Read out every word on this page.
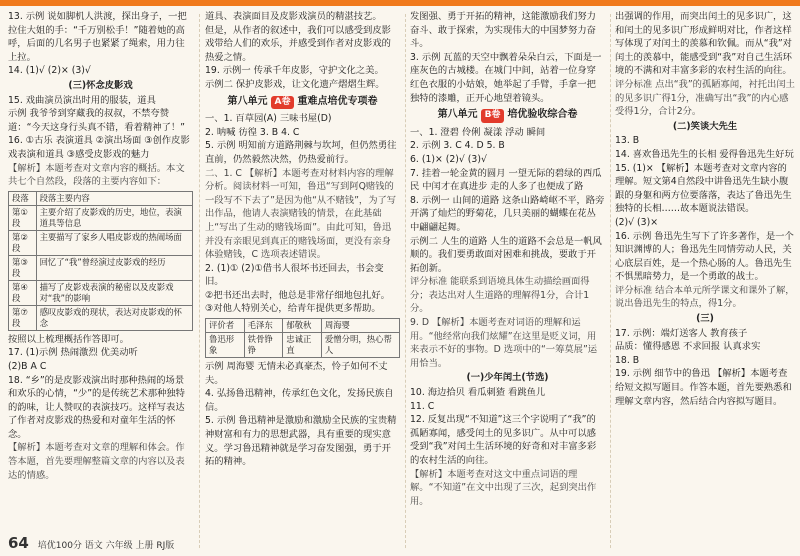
13. 示例 说如脚机人洪渡，探出身子，一把拉住大姐的手：“千万别松手！”随着她的高呼，后面的几名男子也紧紧了绳索，用力往上拉。

14. (1)√ (2)× (3)√

(三)怀念皮影戏

15. 戏曲演员演出时用的服装，道具

示例 我爷爷到穿藏我的叔叔，不禁夸赞道：“今天这身行头真不错，看着精神了！”

16. ①古乐 表演道具 ②演出场面 ③创作皮影戏表演和道具 ③感受皮影戏的魅力

【解析】本题考查对文章内容的概括。本文共七个自然段，段落的主要内容如下：

段落	段落主要内容
第①段	主要介绍了皮影戏的历史，地位，表演道具等信息
第②段	主要描写了家乡人唱皮影戏的热闹场面
第③段	回忆了“我”曾经演过皮影戏的经历
第④段	描写了皮影戏表演的秘密以及皮影戏对“我”的影响
第⑦段	感叹皮影戏的现状，表达对皮影戏的怀念

按照以上梳理概括作答即可。

17. (1)示例 热闹激烈 优美动听

(2)B A C

18. “乡”的是皮影戏演出时那种热闹的场景和欢乐的心情，“少”的是传统艺术那种独特的韵味，让人赞叹的表演技巧。这样写表达了作者对皮影戏的热爱和对童年生活的怀念。

【解析】本题考查对文章的理解和体会。作答本题，首先要理解整篇文章的内容以及表达的情感。

道具、表演面目及皮影戏演员的精湛技艺。

但是，从作者的叙述中，我们可以感受到皮影戏带给人们的欢乐，并感受到作者对皮影戏的热爱之情。

19. 示例一 传承千年皮影，守护文化之美。

示例二 保护皮影戏，让文化遗产熠熠生辉。

第八单元 A卷 重难点培优专项卷

一、1. 百草园(A) 三味书屋(D)

2. 呐喊 彷徨 3. B 4. C

5. 示例 明知前方道路荆棘与坎坷，但仍然勇往直前，仍然毅然决然，仍热爱前行。

二、1. C 【解析】本题考查对材料内容的理解分析。阅读材料一可知，鲁迅“写到阿Q赌钱的一段写不下去了”是因为他“从不赌钱”，为了写出作品，他请人表演赌钱的情景，在此基础上“写出了生动的赌钱场面”。由此可知，鲁迅并没有亲眼见到真正的赌钱场面，更没有亲身体验赌钱，C 选项表述错误。

2. (1)① (2)①借书人很坏书还回去，书会变旧。

②把书还出去时，他总是非常仔细地包扎好。

③对他人特别关心，给青年提供更多帮助。

评价者	毛泽东	郁敬秋	周海婴
鲁迅形象	铁骨铮铮	忠诚正直	爱憎分明，热心帮人

示例 周海婴 无情未必真豪杰，怜子如何不丈夫。

4. 弘扬鲁迅精神，传承红色文化，发扬民族自信。

5. 示例 鲁迅精神是激励和激励全民族的宝贵精神财富和有力的思想武器，具有重要的现实意义。学习鲁迅精神就是学习奋发图强，勇于开拓的精神。

发图强、勇于开拓的精神，这能激励我们努力奋斗、敢于探索，为实现伟大的中国梦努力奋斗。

3. 示例 瓦蓝的天空中飘着朵朵白云，下面是一座灰色的古城楼。在城门中间，站着一位身穿红色衣服的小姑娘，她举起了手臂，手拿一把独特的漆雕，正开心地望着镜头。

第八单元 B卷 培优验收综合卷

一、1. 澄碧 伶俐 凝漾 浮动 瞬间

2. 示例 3. C 4. D 5. B

6. (1)× (2)√ (3)√

7. 挂着一轮金黄的圆月 一望无际的碧绿的西瓜 民 中闰才在真进步 走的人多了也便成了路

8. 示例一 山间的道路 这条山路崎岖不平，路旁开满了灿烂的野菊花，几只美丽的蝴蝶在花丛中翩翩起舞。

示例二 人生的道路 人生的道路不会总是一帆风顺的。我们要勇敢面对困难和挑战，要敢于开拓创新。

评分标准 能联系到语境具体生动描绘画面得分；表达出对人生道路的理解得1分，合计1分。

9. D 【解析】本题考查对词语的理解和运用。“他经常向我们炫耀”在这里是贬义词，用来表示不好的事物。D 选项中的“一筹莫展”运用恰当。

(一)少年闰土(节选)

10. 海边拾贝 看瓜刺猹 看跳鱼儿

11. C

12. 反复出现“不知道”这三个字说明了“我”的孤陋寡闻，感受闰土的见多识广。从中可以感受到“我”对闰土生活环境的好奇和对丰富多彩的农村生活的向往。

【解析】本题考查对这文中重点词语的理解。“不知道”在文中出现了三次，起到突出作用。

出强调的作用，而突出闰土的见多识广，这和闰土的见多识广形成鲜明对比，作者这样写体现了对闰土的羡慕和钦佩。而从“我”对闰土的羡慕中，能感受到“我”对自己生活环境的不满和对丰富多彩的农村生活的向往。

评分标准 点出“我”的孤陋寡闻，衬托出闰土的见多识广得1分，准确写出“我”的内心感受得1分，合计2分。

(二)笑谈大先生

13. B

14. 喜欢鲁迅先生的长相 爱得鲁迅先生好玩

15. (1)× 【解析】本题考查对文章内容的理解。短文第4自然段中讲鲁迅先生缺小腹跟的身躯和两方位要落落，表达了鲁迅先生独特的长相……故本题说法错误。

(2)√ (3)×

16. 示例 鲁迅先生写下了许多著作，是一个知识渊博的人；鲁迅先生同情劳动人民，关心底层百姓，是一个热心肠的人。鲁迅先生不惧黑暗势力，是一个勇敢的战士。

评分标准 结合本单元所学课文和课外了解，说出鲁迅先生的特点，得1分。

(三)

17. 示例：端灯送客人 教育孩子

品质：懂得感恩 不求回报 认真求实

18. B

19. 示例 细节中的鲁迅 【解析】本题考查给短文拟写题目。作答本题，首先要熟悉和理解文章内容，然后结合内容拟写题目。

64 培优100分 语文 六年级 上册 RJ版
